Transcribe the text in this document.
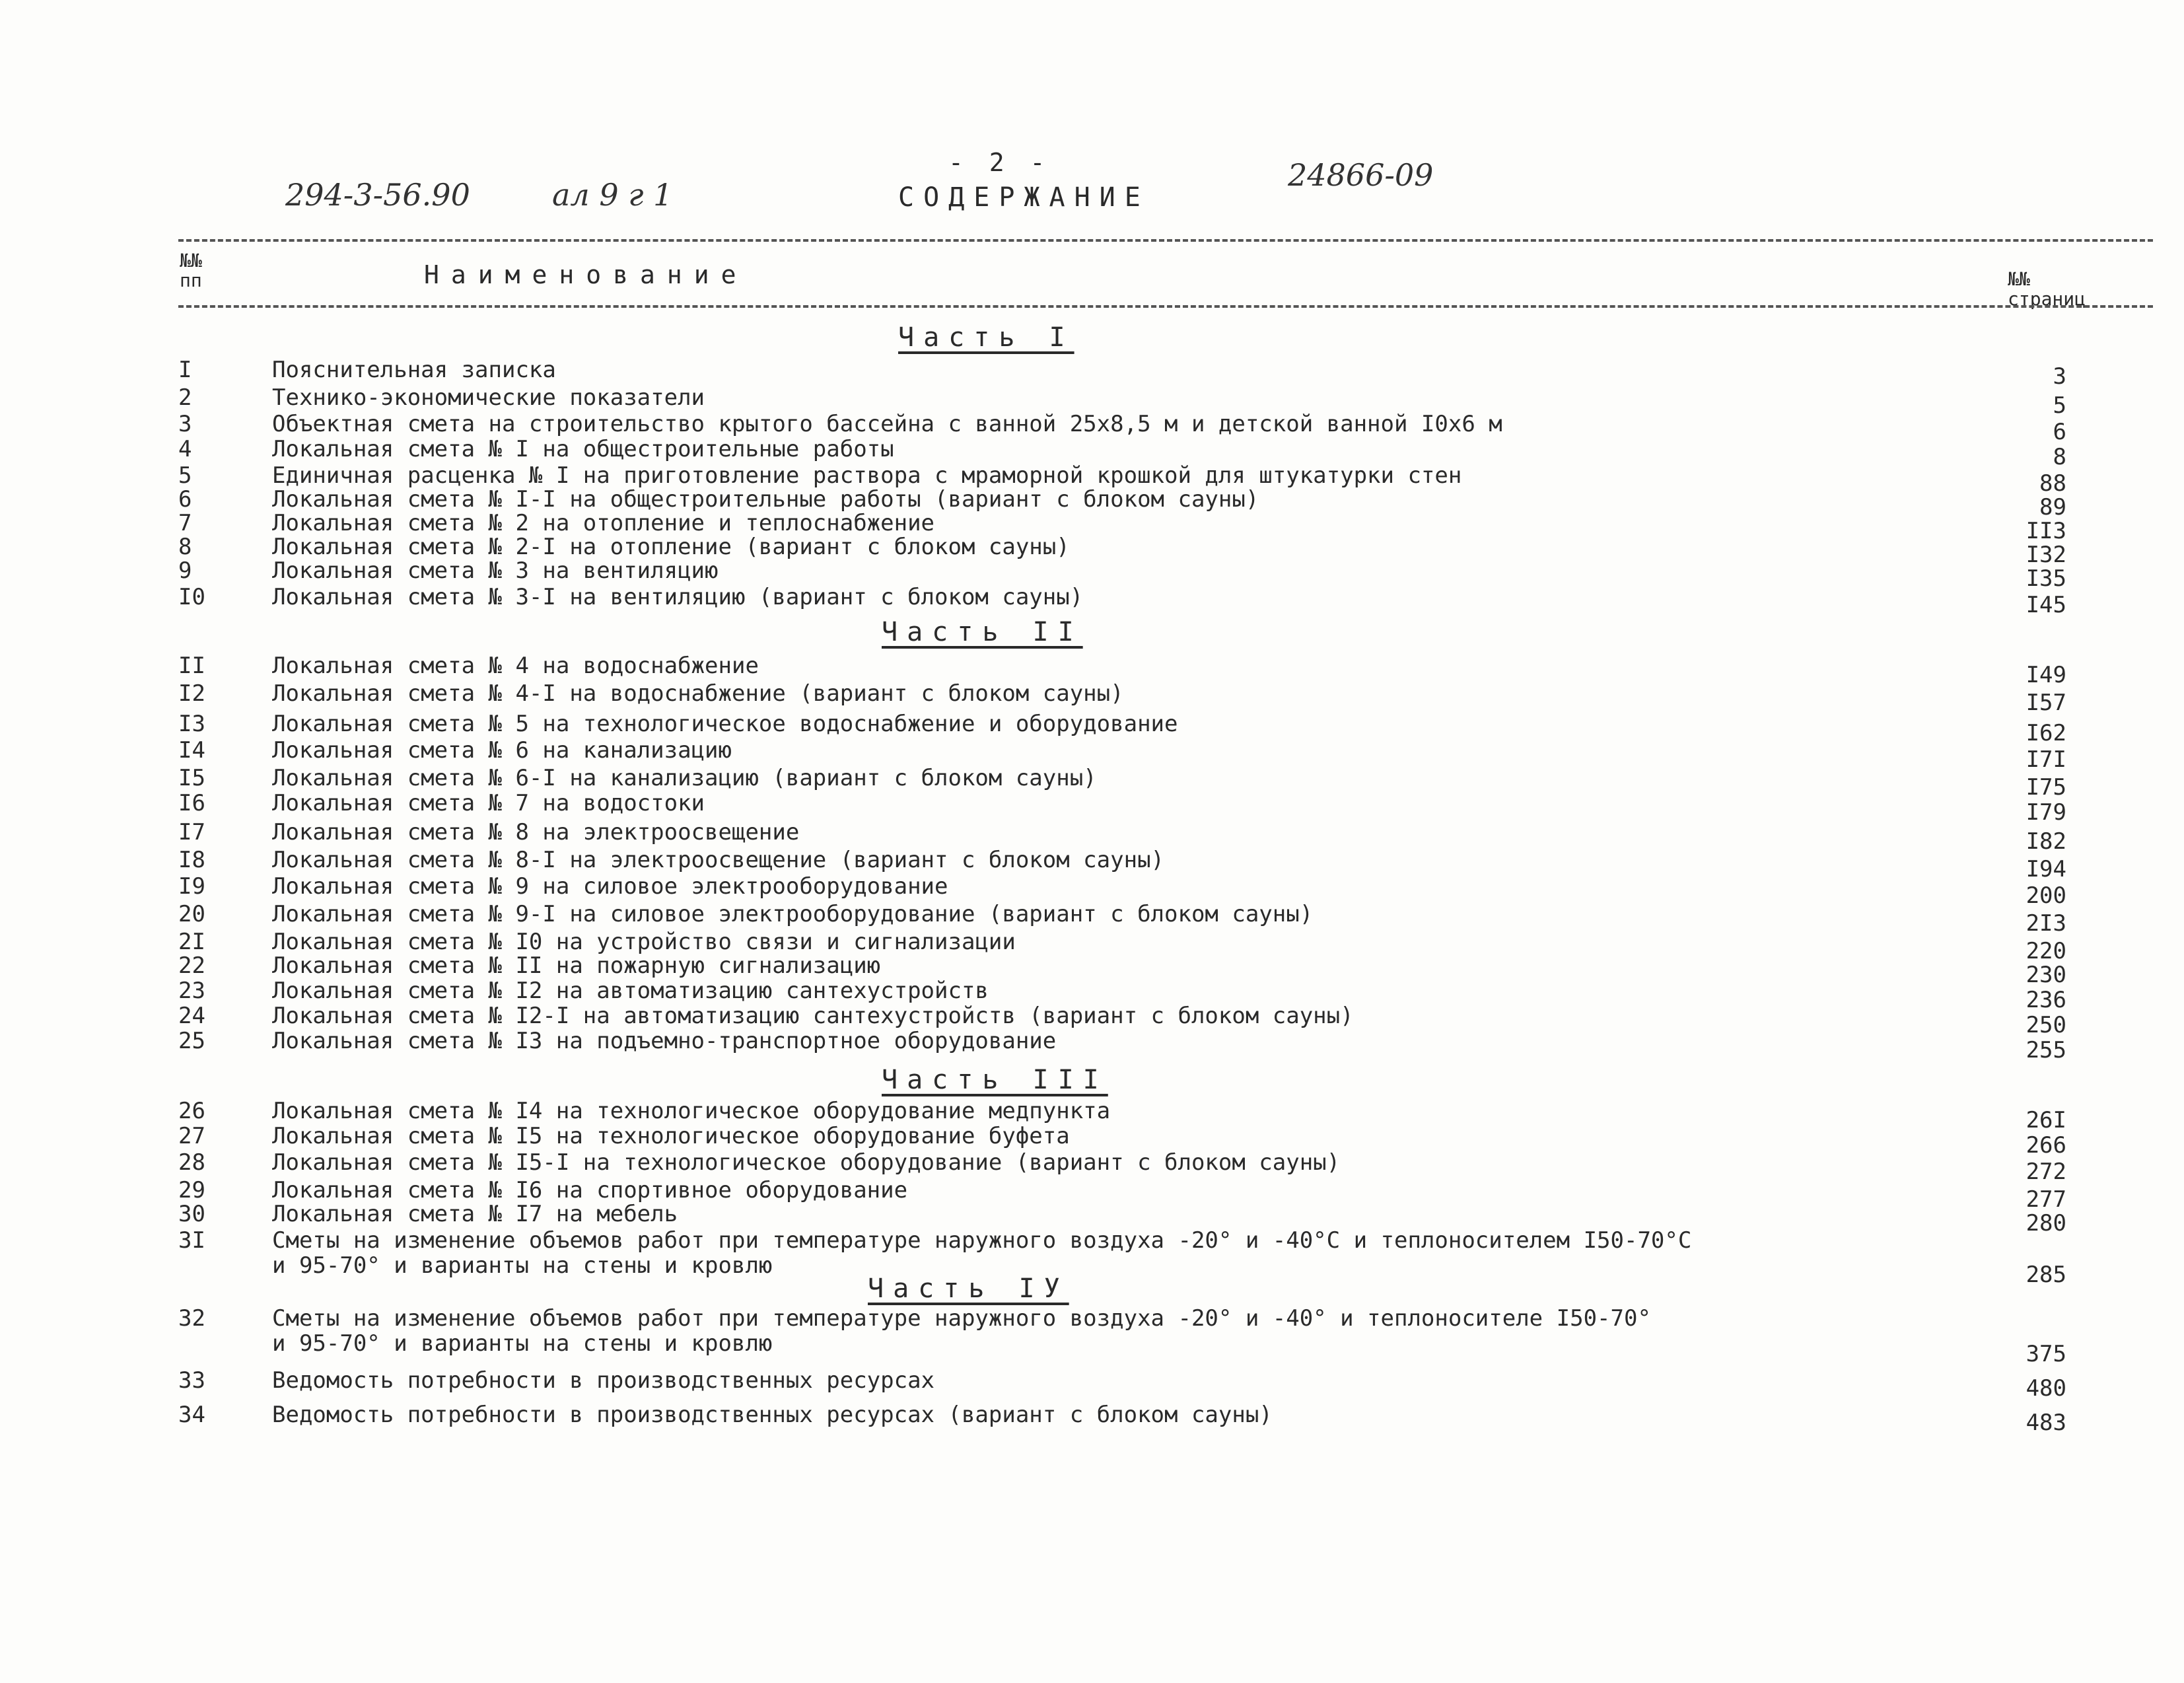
294-3-56.90	ал 9 г 1
- 2 -
СОДЕРЖАНИЕ
24866-09
№№ пп	Наименование	№№ страниц
Часть I
Часть II
Часть III
Часть IУ
I	Пояснительная записка	3
2	Технико-экономические показатели	5
3	Объектная смета на строительство крытого бассейна с ванной 25х8,5 м и детской ванной I0х6 м	6
4	Локальная смета № I на общестроительные работы	8
5	Единичная расценка № I на приготовление раствора с мраморной крошкой для штукатурки стен	88
6	Локальная смета № I-I на общестроительные работы (вариант с блоком сауны)	89
7	Локальная смета № 2 на отопление и теплоснабжение	II3
8	Локальная смета № 2-I на отопление (вариант с блоком сауны)	I32
9	Локальная смета № 3 на вентиляцию	I35
I0	Локальная смета № 3-I на вентиляцию (вариант с блоком сауны)	I45
II	Локальная смета № 4 на водоснабжение	I49
I2	Локальная смета № 4-I на водоснабжение (вариант с блоком сауны)	I57
I3	Локальная смета № 5 на технологическое водоснабжение и оборудование	I62
I4	Локальная смета № 6 на канализацию	I7I
I5	Локальная смета № 6-I на канализацию (вариант с блоком сауны)	I75
I6	Локальная смета № 7 на водостоки	I79
I7	Локальная смета № 8 на электроосвещение	I82
I8	Локальная смета № 8-I на электроосвещение (вариант с блоком сауны)	I94
I9	Локальная смета № 9 на силовое электрооборудование	200
20	Локальная смета № 9-I на силовое электрооборудование (вариант с блоком сауны)	2I3
2I	Локальная смета № I0 на устройство связи и сигнализации	220
22	Локальная смета № II на пожарную сигнализацию	230
23	Локальная смета № I2 на автоматизацию сантехустройств	236
24	Локальная смета № I2-I на автоматизацию сантехустройств (вариант с блоком сауны)	250
25	Локальная смета № I3 на подъемно-транспортное оборудование	255
26	Локальная смета № I4 на технологическое оборудование медпункта	26I
27	Локальная смета № I5 на технологическое оборудование буфета	266
28	Локальная смета № I5-I на технологическое оборудование (вариант с блоком сауны)	272
29	Локальная смета № I6 на спортивное оборудование	277
30	Локальная смета № I7 на мебель	280
3I	Сметы на изменение объемов работ при температуре наружного воздуха -20° и -40°С и теплоносителем I50-70°С
и 95-70° и варианты на стены и кровлю	285
32	Сметы на изменение объемов работ при температуре наружного воздуха -20° и -40° и теплоносителе I50-70°
и 95-70° и варианты на стены и кровлю	375
33	Ведомость потребности в производственных ресурсах	480
34	Ведомость потребности в производственных ресурсах (вариант с блоком сауны)	483
